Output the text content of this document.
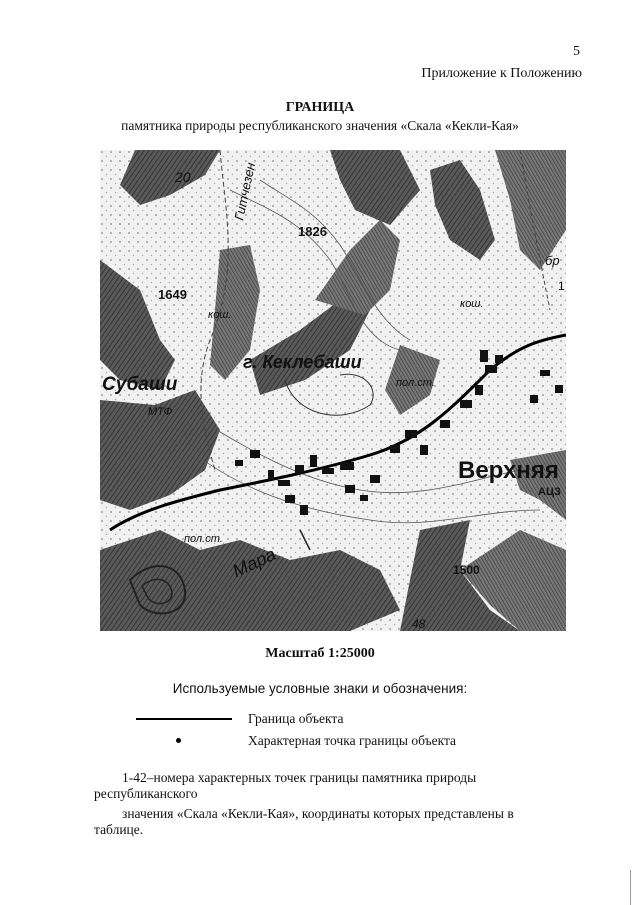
5
Приложение к Положению
ГРАНИЦА
памятника природы республиканского значения «Скала «Кекли-Кая»
20	Гитчезен
1826
1649
кош.
кош.
г. Кеклебаши
Субаши
МТФ
пол.ст.
пол.ст.
Верхняя
АЦЗ
Мара	1500
48
бр
1
Масштаб 1:25000
Используемые условные знаки и обозначения:
Граница объекта
Характерная точка границы объекта
1-42–номера характерных точек границы памятника природы
республиканского
значения «Скала «Кекли-Кая», координаты которых представлены в
таблице.
